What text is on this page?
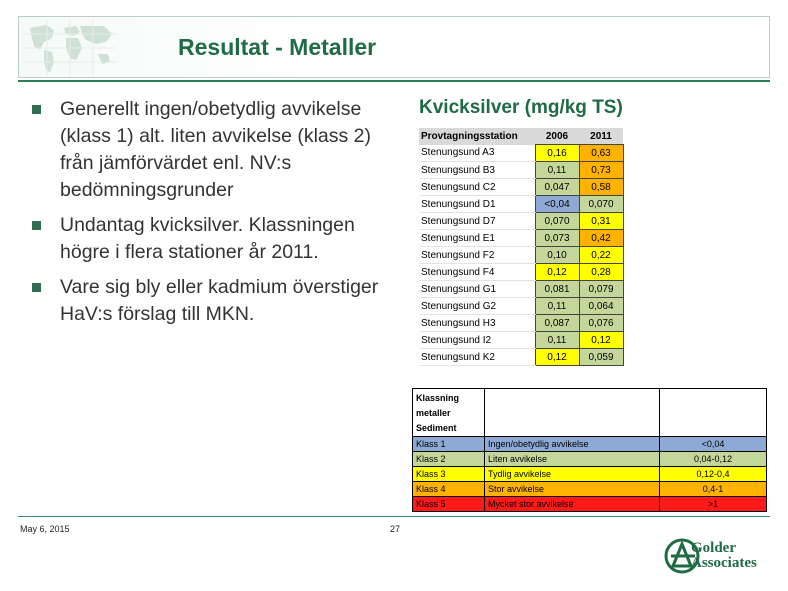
Resultat - Metaller
Generellt ingen/obetydlig avvikelse (klass 1) alt. liten avvikelse (klass 2) från jämförvärdet enl. NV:s bedömningsgrunder
Undantag kvicksilver. Klassningen högre i flera stationer år 2011.
Vare sig bly eller kadmium överstiger HaV:s förslag till MKN.
Kvicksilver (mg/kg TS)
Provtagningsstation	2006	2011
Stenungsund A3	0,16	0,63
Stenungsund B3	0,11	0,73
Stenungsund C2	0,047	0,58
Stenungsund D1	<0,04	0,070
Stenungsund D7	0,070	0,31
Stenungsund E1	0,073	0,42
Stenungsund F2	0,10	0,22
Stenungsund F4	0,12	0,28
Stenungsund G1	0,081	0,079
Stenungsund G2	0,11	0,064
Stenungsund H3	0,087	0,076
Stenungsund I2	0,11	0,12
Stenungsund K2	0,12	0,059
Klassning
metaller
Sediment		

Klass 1	Ingen/obetydlig avvikelse	<0,04
Klass 2	Liten avvikelse	0,04-0,12
Klass 3	Tydlig avvikelse	0,12-0,4
Klass 4	Stor avvikelse	0,4-1
Klass 5	Mycket stor avvikelse	>1
May 6, 2015	27
Golder
Associates
